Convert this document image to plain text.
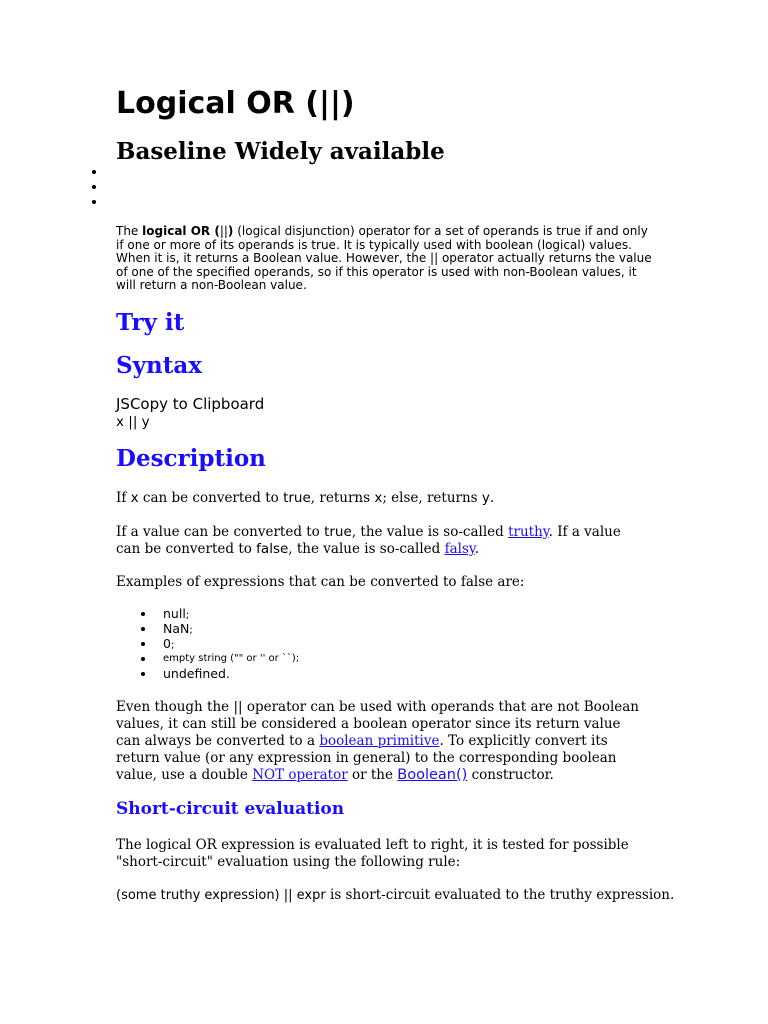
Logical OR (||)
Baseline Widely available
The logical OR (||) (logical disjunction) operator for a set of operands is true if and only if one or more of its operands is true. It is typically used with boolean (logical) values. When it is, it returns a Boolean value. However, the || operator actually returns the value of one of the specified operands, so if this operator is used with non-Boolean values, it will return a non-Boolean value.
Try it
Syntax
JSCopy to Clipboard
x || y
Description
If x can be converted to true, returns x; else, returns y.
If a value can be converted to true, the value is so-called truthy. If a value can be converted to false, the value is so-called falsy.
Examples of expressions that can be converted to false are:
null;
NaN;
0;
empty string ("" or '' or ``);
undefined.
Even though the || operator can be used with operands that are not Boolean values, it can still be considered a boolean operator since its return value can always be converted to a boolean primitive. To explicitly convert its return value (or any expression in general) to the corresponding boolean value, use a double NOT operator or the Boolean() constructor.
Short-circuit evaluation
The logical OR expression is evaluated left to right, it is tested for possible "short-circuit" evaluation using the following rule:
(some truthy expression) || expr is short-circuit evaluated to the truthy expression.
